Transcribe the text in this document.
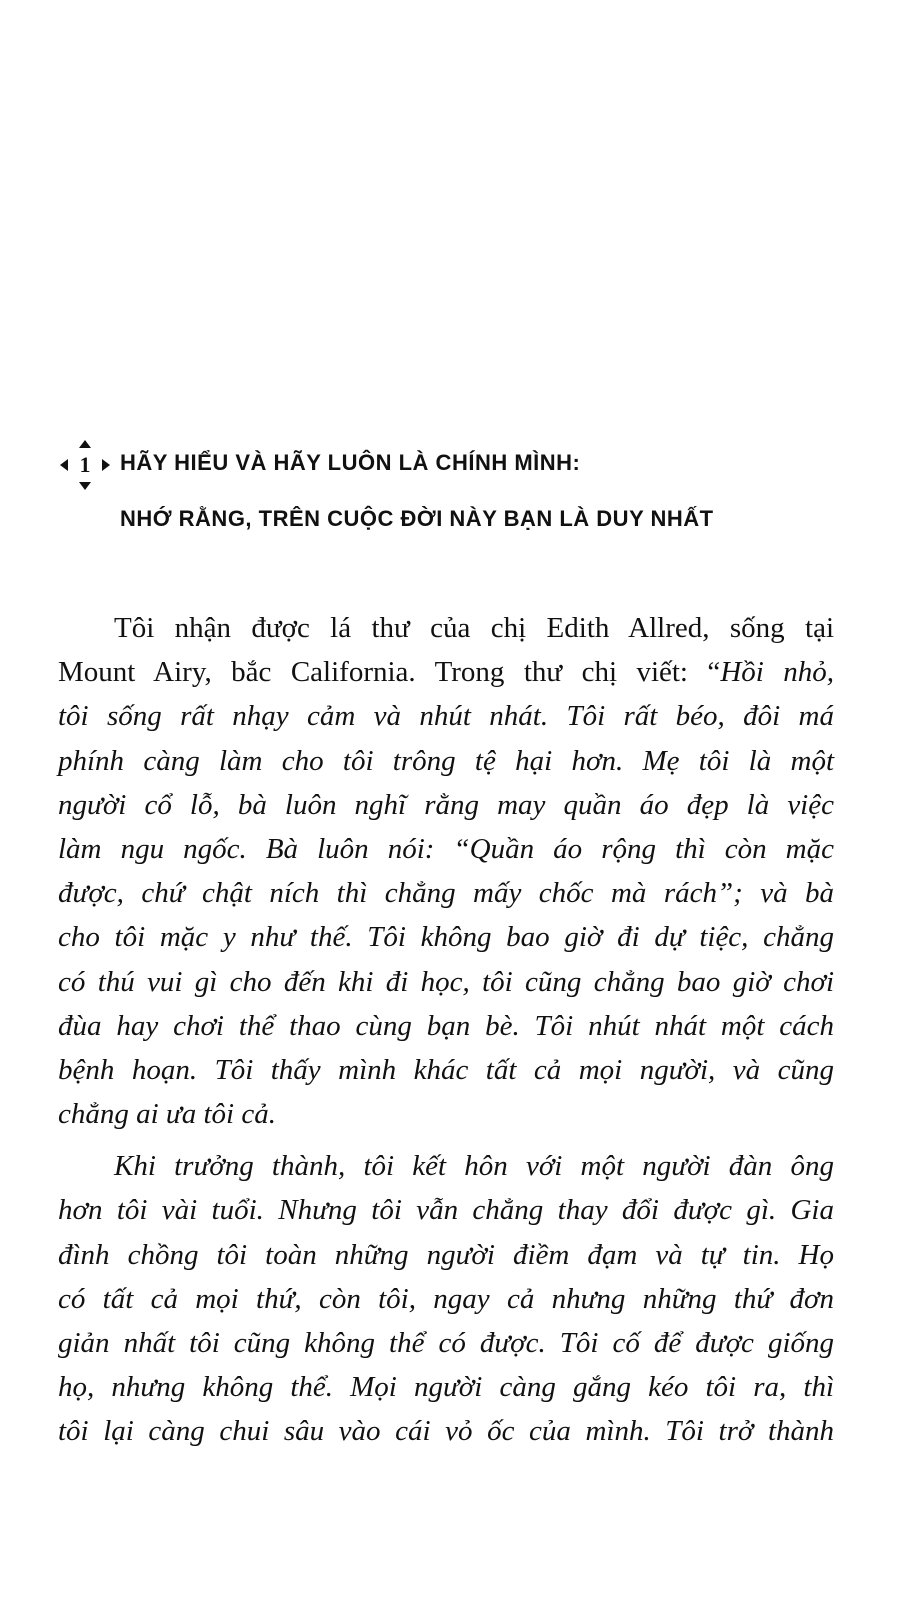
1 HÃY HIỂU VÀ HÃY LUÔN LÀ CHÍNH MÌNH:
NHỚ RẰNG, TRÊN CUỘC ĐỜI NÀY BẠN LÀ DUY NHẤT
Tôi nhận được lá thư của chị Edith Allred, sống tại
Mount Airy, bắc California. Trong thư chị viết: “Hồi nhỏ,
tôi sống rất nhạy cảm và nhút nhát. Tôi rất béo, đôi má
phính càng làm cho tôi trông tệ hại hơn. Mẹ tôi là một
người cổ lỗ, bà luôn nghĩ rằng may quần áo đẹp là việc
làm ngu ngốc. Bà luôn nói: “Quần áo rộng thì còn mặc
được, chứ chật ních thì chẳng mấy chốc mà rách”; và bà
cho tôi mặc y như thế. Tôi không bao giờ đi dự tiệc, chẳng
có thú vui gì cho đến khi đi học, tôi cũng chẳng bao giờ chơi
đùa hay chơi thể thao cùng bạn bè. Tôi nhút nhát một cách
bệnh hoạn. Tôi thấy mình khác tất cả mọi người, và cũng
chẳng ai ưa tôi cả.
Khi trưởng thành, tôi kết hôn với một người đàn ông
hơn tôi vài tuổi. Nhưng tôi vẫn chẳng thay đổi được gì. Gia
đình chồng tôi toàn những người điềm đạm và tự tin. Họ
có tất cả mọi thứ, còn tôi, ngay cả nhưng những thứ đơn
giản nhất tôi cũng không thể có được. Tôi cố để được giống
họ, nhưng không thể. Mọi người càng gắng kéo tôi ra, thì
tôi lại càng chui sâu vào cái vỏ ốc của mình. Tôi trở thành
